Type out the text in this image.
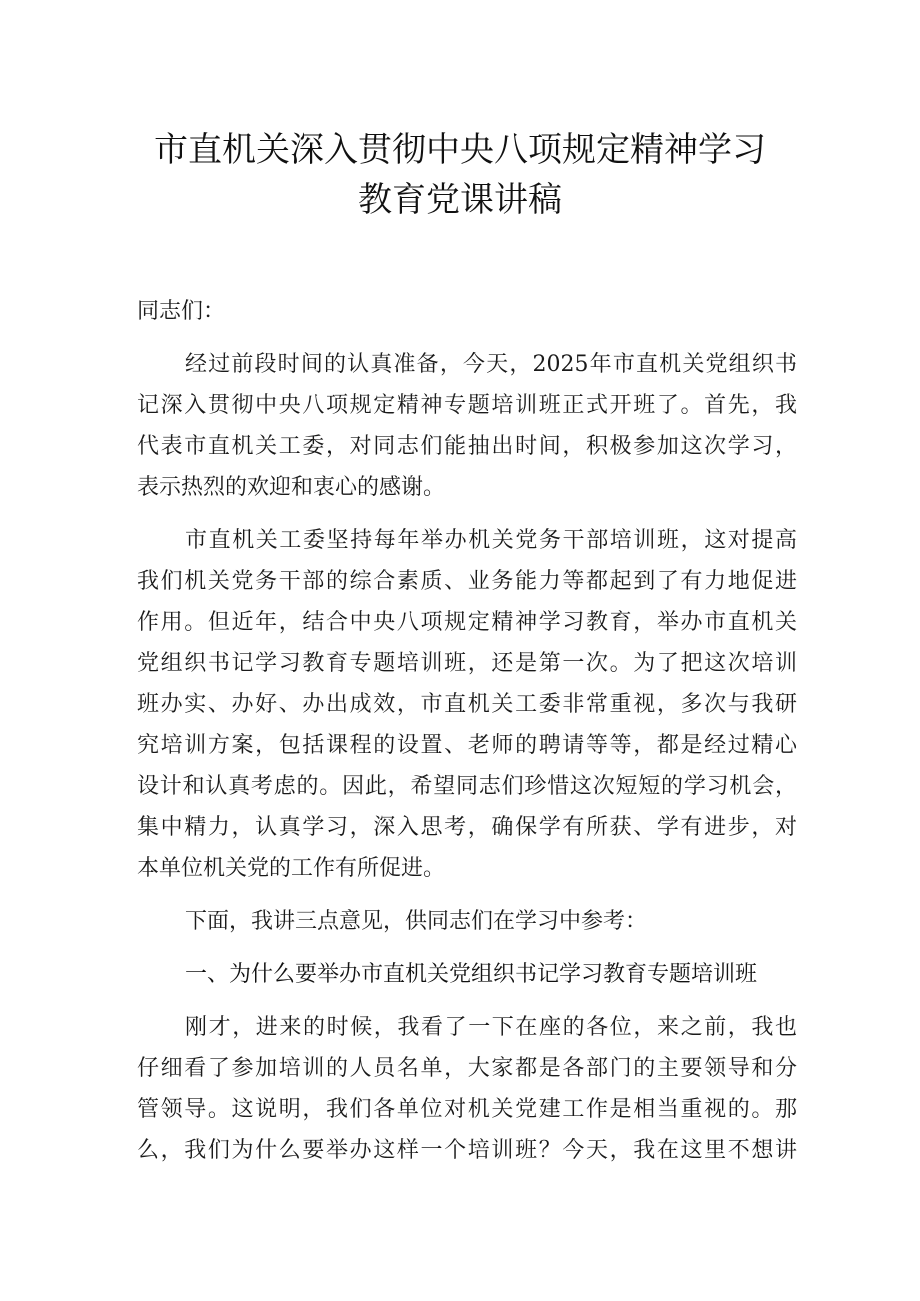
市直机关深入贯彻中央八项规定精神学习
教育党课讲稿
同志们：
经过前段时间的认真准备，今天，2025年市直机关党组织书
记深入贯彻中央八项规定精神专题培训班正式开班了。首先，我
代表市直机关工委，对同志们能抽出时间，积极参加这次学习，
表示热烈的欢迎和衷心的感谢。
市直机关工委坚持每年举办机关党务干部培训班，这对提高
我们机关党务干部的综合素质、业务能力等都起到了有力地促进
作用。但近年，结合中央八项规定精神学习教育，举办市直机关
党组织书记学习教育专题培训班，还是第一次。为了把这次培训
班办实、办好、办出成效，市直机关工委非常重视，多次与我研
究培训方案，包括课程的设置、老师的聘请等等，都是经过精心
设计和认真考虑的。因此，希望同志们珍惜这次短短的学习机会，
集中精力，认真学习，深入思考，确保学有所获、学有进步，对
本单位机关党的工作有所促进。
下面，我讲三点意见，供同志们在学习中参考：
一、为什么要举办市直机关党组织书记学习教育专题培训班
刚才，进来的时候，我看了一下在座的各位，来之前，我也
仔细看了参加培训的人员名单，大家都是各部门的主要领导和分
管领导。这说明，我们各单位对机关党建工作是相当重视的。那
么，我们为什么要举办这样一个培训班？今天，我在这里不想讲
